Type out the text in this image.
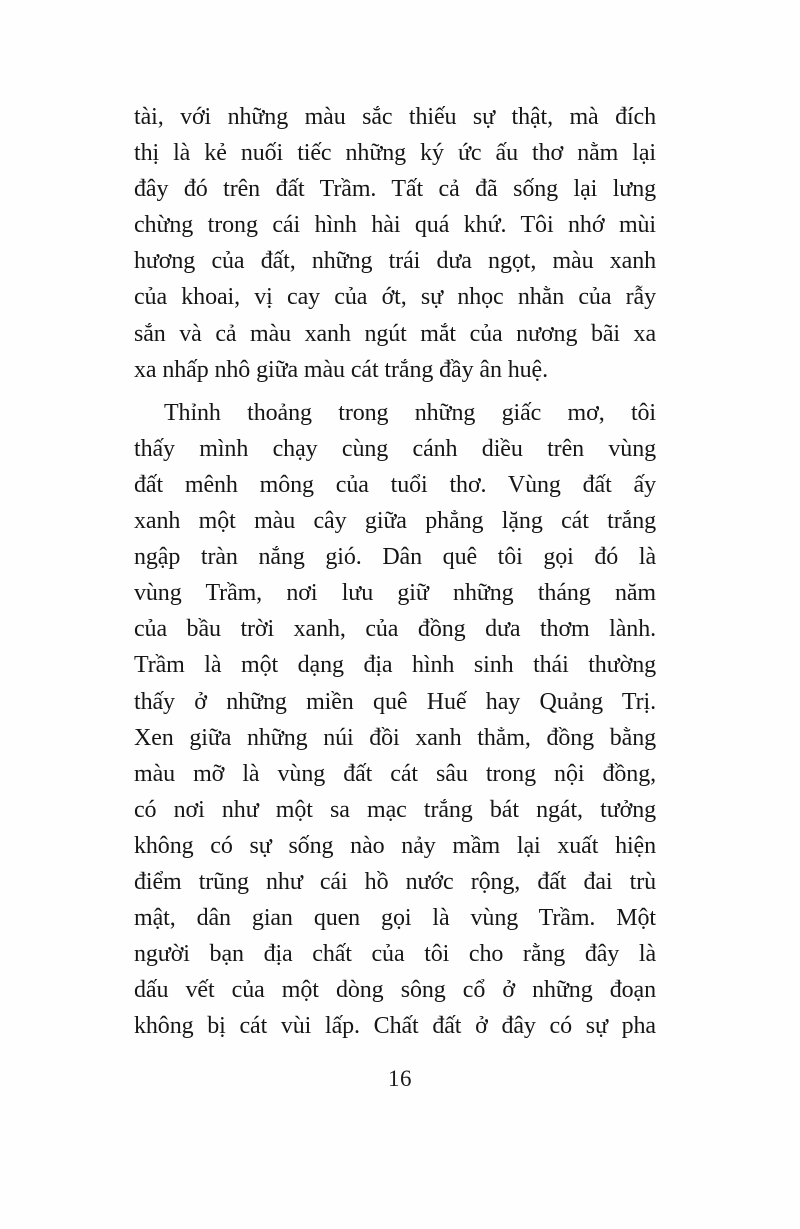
tài, với những màu sắc thiếu sự thật, mà đích
thị là kẻ nuối tiếc những ký ức ấu thơ nằm lại
đây đó trên đất Trầm. Tất cả đã sống lại lưng
chừng trong cái hình hài quá khứ. Tôi nhớ mùi
hương của đất, những trái dưa ngọt, màu xanh
của khoai, vị cay của ớt, sự nhọc nhằn của rẫy
sắn và cả màu xanh ngút mắt của nương bãi xa
xa nhấp nhô giữa màu cát trắng đầy ân huệ.

Thỉnh thoảng trong những giấc mơ, tôi
thấy mình chạy cùng cánh diều trên vùng
đất mênh mông của tuổi thơ. Vùng đất ấy
xanh một màu cây giữa phẳng lặng cát trắng
ngập tràn nắng gió. Dân quê tôi gọi đó là
vùng Trầm, nơi lưu giữ những tháng năm
của bầu trời xanh, của đồng dưa thơm lành.
Trầm là một dạng địa hình sinh thái thường
thấy ở những miền quê Huế hay Quảng Trị.
Xen giữa những núi đồi xanh thẳm, đồng bằng
màu mỡ là vùng đất cát sâu trong nội đồng,
có nơi như một sa mạc trắng bát ngát, tưởng
không có sự sống nào nảy mầm lại xuất hiện
điểm trũng như cái hồ nước rộng, đất đai trù
mật, dân gian quen gọi là vùng Trầm. Một
người bạn địa chất của tôi cho rằng đây là
dấu vết của một dòng sông cổ ở những đoạn
không bị cát vùi lấp. Chất đất ở đây có sự pha

16
